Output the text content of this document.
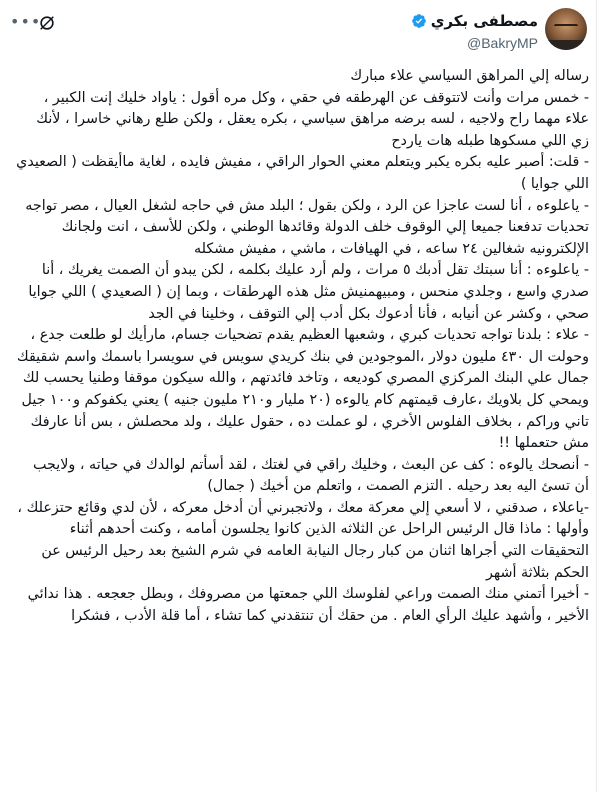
مصطفى بكري
@BakryMP
•••

رساله إلي المراهق السياسي علاء مبارك

- خمس مرات وأنت لاتتوقف عن الهرطقه في حقي ، وكل مره أقول : ياواد خليك إنت الكبير ، علاء مهما راح ولاجيه ، لسه برضه مراهق سياسي ، بكره يعقل ، ولكن طلع رهاني خاسرا ، لأنك زي اللي مسكوها طبله هات ياردح

- قلت: أصبر عليه بكره يكبر ويتعلم معني الحوار الراقي ، مفيش فايده ، لغاية ماأيقظت ( الصعيدي اللي جوايا )

- ياعلوءه ، أنا لست عاجزا عن الرد ، ولكن بقول ؛ البلد مش في حاجه لشغل العيال ، مصر تواجه تحديات تدفعنا جميعا إلي الوقوف خلف الدولة وقائدها الوطني ، ولكن للأسف ، انت ولجانك الإلكترونيه شغالين ٢٤ ساعه ، في الهيافات ، ماشي ، مفيش مشكله

- ياعلوءه : أنا سبتك تقل أدبك ٥ مرات ، ولم أرد عليك بكلمه ، لكن يبدو أن الصمت يغريك ، أنا صدري واسع ، وجلدي منحس ، ومبيهمنيش مثل هذه الهرطقات ، وبما إن ( الصعيدي ) اللي جوايا صحي ، وكشر عن أنيابه ، فأنا أدعوك بكل أدب إلي التوقف ، وخلينا في الجد

- علاء : بلدنا تواجه تحديات كبري ، وشعبها العظيم يقدم تضحيات جسام، مارأيك لو طلعت جدع ، وحولت ال ٤٣٠ مليون دولار ،الموجودين في بنك كريدي سويس في سويسرا باسمك واسم شقيقك جمال علي البنك المركزي المصري كوديعه ، وتاخد فائدتهم ، والله سيكون موقفا وطنيا يحسب لك ويمحي كل بلاويك ،عارف قيمتهم كام يالوءه (٢٠ مليار و٢١٠ مليون جنيه ) يعني يكفوكم و١٠٠ جيل تاني وراكم ، بخلاف الفلوس الأخري ، لو عملت ده ، حقول عليك ، ولد محصلش ، بس أنا عارفك مش حتعملها !!

- أنصحك يالوءه : كف عن البعث ، وخليك راقي في لغتك ، لقد أسأتم لوالدك في حياته ، ولايجب أن تسئ اليه بعد رحيله . التزم الصمت ، واتعلم من أخيك ( جمال)

-ياعلاء ، صدقني ، لا أسعي إلي معركة معك ، ولاتجبرني أن أدخل معركه ، لأن لدي وقائع حتزعلك ، وأولها : ماذا قال الرئيس الراحل عن الثلاثه الذين كانوا يجلسون أمامه ، وكنت أحدهم أثناء التحقيقات التي أجراها اثنان من كبار رجال النيابة العامه في شرم الشيخ بعد رحيل الرئيس عن الحكم بثلاثة أشهر

- أخيرا أتمني منك الصمت وراعي لفلوسك اللي جمعتها من مصروفك ، وبطل جعجعه . هذا ندائي الأخير ، وأشهد عليك الرأي العام . من حقك أن تنتقدني كما تشاء ، أما قلة الأدب ، فشكرا
